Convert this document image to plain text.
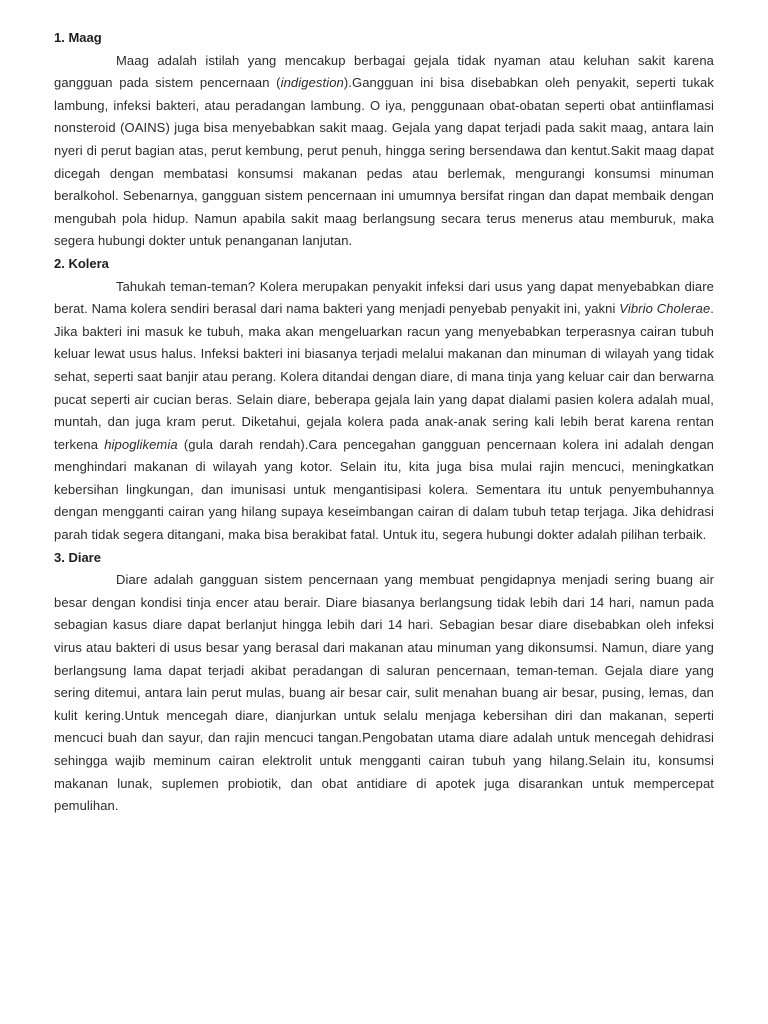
1. Maag

Maag adalah istilah yang mencakup berbagai gejala tidak nyaman atau keluhan sakit karena gangguan pada sistem pencernaan (indigestion).Gangguan ini bisa disebabkan oleh penyakit, seperti tukak lambung, infeksi bakteri, atau peradangan lambung. O iya, penggunaan obat-obatan seperti obat antiinflamasi nonsteroid (OAINS) juga bisa menyebabkan sakit maag. Gejala yang dapat terjadi pada sakit maag, antara lain nyeri di perut bagian atas, perut kembung, perut penuh, hingga sering bersendawa dan kentut.Sakit maag dapat dicegah dengan membatasi konsumsi makanan pedas atau berlemak, mengurangi konsumsi minuman beralkohol. Sebenarnya, gangguan sistem pencernaan ini umumnya bersifat ringan dan dapat membaik dengan mengubah pola hidup. Namun apabila sakit maag berlangsung secara terus menerus atau memburuk, maka segera hubungi dokter untuk penanganan lanjutan.

2. Kolera

Tahukah teman-teman? Kolera merupakan penyakit infeksi dari usus yang dapat menyebabkan diare berat. Nama kolera sendiri berasal dari nama bakteri yang menjadi penyebab penyakit ini, yakni Vibrio Cholerae. Jika bakteri ini masuk ke tubuh, maka akan mengeluarkan racun yang menyebabkan terperasnya cairan tubuh keluar lewat usus halus. Infeksi bakteri ini biasanya terjadi melalui makanan dan minuman di wilayah yang tidak sehat, seperti saat banjir atau perang. Kolera ditandai dengan diare, di mana tinja yang keluar cair dan berwarna pucat seperti air cucian beras. Selain diare, beberapa gejala lain yang dapat dialami pasien kolera adalah mual, muntah, dan juga kram perut. Diketahui, gejala kolera pada anak-anak sering kali lebih berat karena rentan terkena hipoglikemia (gula darah rendah).Cara pencegahan gangguan pencernaan kolera ini adalah dengan menghindari makanan di wilayah yang kotor. Selain itu, kita juga bisa mulai rajin mencuci, meningkatkan kebersihan lingkungan, dan imunisasi untuk mengantisipasi kolera. Sementara itu untuk penyembuhannya dengan mengganti cairan yang hilang supaya keseimbangan cairan di dalam tubuh tetap terjaga. Jika dehidrasi parah tidak segera ditangani, maka bisa berakibat fatal. Untuk itu, segera hubungi dokter adalah pilihan terbaik.

3. Diare

Diare adalah gangguan sistem pencernaan yang membuat pengidapnya menjadi sering buang air besar dengan kondisi tinja encer atau berair. Diare biasanya berlangsung tidak lebih dari 14 hari, namun pada sebagian kasus diare dapat berlanjut hingga lebih dari 14 hari. Sebagian besar diare disebabkan oleh infeksi virus atau bakteri di usus besar yang berasal dari makanan atau minuman yang dikonsumsi. Namun, diare yang berlangsung lama dapat terjadi akibat peradangan di saluran pencernaan, teman-teman. Gejala diare yang sering ditemui, antara lain perut mulas, buang air besar cair, sulit menahan buang air besar, pusing, lemas, dan kulit kering.Untuk mencegah diare, dianjurkan untuk selalu menjaga kebersihan diri dan makanan, seperti mencuci buah dan sayur, dan rajin mencuci tangan.Pengobatan utama diare adalah untuk mencegah dehidrasi sehingga wajib meminum cairan elektrolit untuk mengganti cairan tubuh yang hilang.Selain itu, konsumsi makanan lunak, suplemen probiotik, dan obat antidiare di apotek juga disarankan untuk mempercepat pemulihan.
